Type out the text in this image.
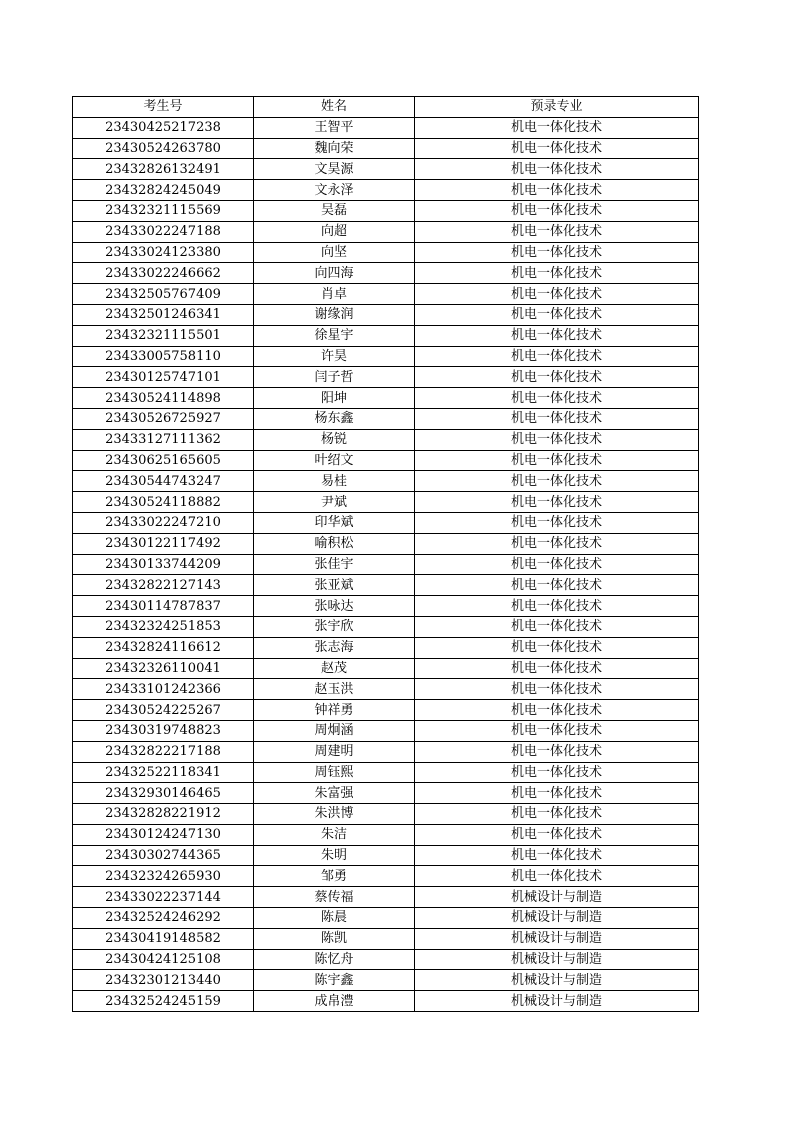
考生号	姓名	预录专业
23430425217238	王智平	机电一体化技术
23430524263780	魏向荣	机电一体化技术
23432826132491	文昊源	机电一体化技术
23432824245049	文永泽	机电一体化技术
23432321115569	吴磊	机电一体化技术
23433022247188	向超	机电一体化技术
23433024123380	向坚	机电一体化技术
23433022246662	向四海	机电一体化技术
23432505767409	肖卓	机电一体化技术
23432501246341	谢缘润	机电一体化技术
23432321115501	徐星宇	机电一体化技术
23433005758110	许昊	机电一体化技术
23430125747101	闫子哲	机电一体化技术
23430524114898	阳坤	机电一体化技术
23430526725927	杨东鑫	机电一体化技术
23433127111362	杨锐	机电一体化技术
23430625165605	叶绍文	机电一体化技术
23430544743247	易桂	机电一体化技术
23430524118882	尹斌	机电一体化技术
23433022247210	印华斌	机电一体化技术
23430122117492	喻积松	机电一体化技术
23430133744209	张佳宇	机电一体化技术
23432822127143	张亚斌	机电一体化技术
23430114787837	张咏达	机电一体化技术
23432324251853	张宇欣	机电一体化技术
23432824116612	张志海	机电一体化技术
23432326110041	赵茂	机电一体化技术
23433101242366	赵玉洪	机电一体化技术
23430524225267	钟祥勇	机电一体化技术
23430319748823	周炯涵	机电一体化技术
23432822217188	周建明	机电一体化技术
23432522118341	周钰熙	机电一体化技术
23432930146465	朱富强	机电一体化技术
23432828221912	朱洪博	机电一体化技术
23430124247130	朱洁	机电一体化技术
23430302744365	朱明	机电一体化技术
23432324265930	邹勇	机电一体化技术
23433022237144	蔡传福	机械设计与制造
23432524246292	陈晨	机械设计与制造
23430419148582	陈凯	机械设计与制造
23430424125108	陈忆舟	机械设计与制造
23432301213440	陈宇鑫	机械设计与制造
23432524245159	成帛澧	机械设计与制造
